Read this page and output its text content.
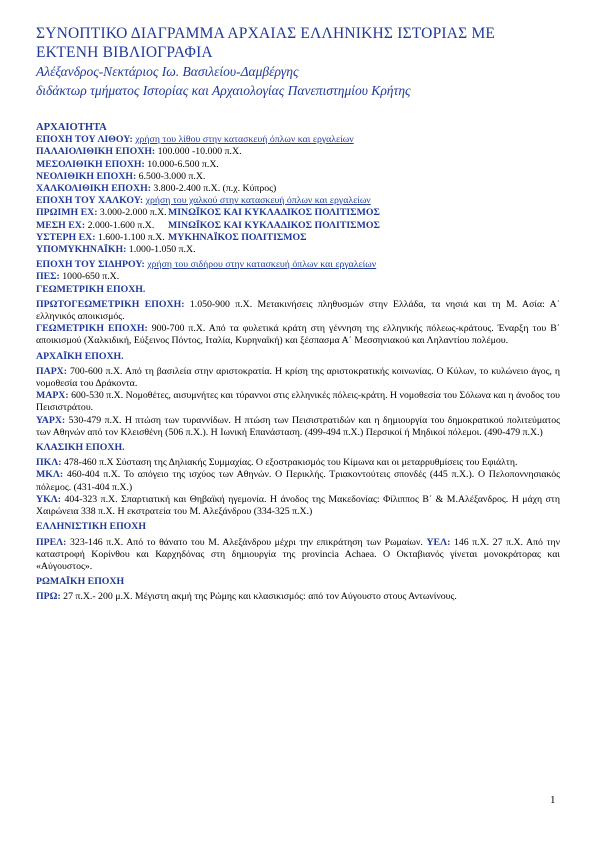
ΣΥΝΟΠΤΙΚΟ ΔΙΑΓΡΑΜΜΑ ΑΡΧΑΙΑΣ ΕΛΛΗΝΙΚΗΣ ΙΣΤΟΡΙΑΣ ΜΕ ΕΚΤΕΝΗ ΒΙΒΛΙΟΓΡΑΦΙΑ
Αλέξανδρος-Νεκτάριος Ιω. Βασιλείου-Δαμβέργης
διδάκτωρ τμήματος Ιστορίας και Αρχαιολογίας Πανεπιστημίου Κρήτης

ΑΡΧΑΙΟΤΗΤΑ

ΕΠΟΧΗ ΤΟΥ ΛΙΘΟΥ: χρήση του λίθου στην κατασκευή όπλων και εργαλείων

ΠΑΛΑΙΟΛΙΘΙΚΗ ΕΠΟΧΗ: 100.000 -10.000 π.Χ.

ΜΕΣΟΛΙΘΙΚΗ ΕΠΟΧΗ: 10.000-6.500 π.Χ.

ΝΕΟΛΙΘΙΚΗ ΕΠΟΧΗ: 6.500-3.000 π.Χ.

ΧΑΛΚΟΛΙΘΙΚΗ ΕΠΟΧΗ: 3.800-2.400 π.Χ. (π.χ. Κύπρος)

ΕΠΟΧΗ ΤΟΥ ΧΑΛΚΟΥ: χρήση του χαλκού στην κατασκευή όπλων και εργαλείων

ΠΡΩΙΜΗ ΕΧ: 3.000-2.000 π.Χ.ΜΙΝΩΪΚΟΣ ΚΑΙ ΚΥΚΛΑΔΙΚΟΣ ΠΟΛΙΤΙΣΜΟΣ

ΜΕΣΗ ΕΧ: 2.000-1.600 π.Χ. ΜΙΝΩΪΚΟΣ ΚΑΙ ΚΥΚΛΑΔΙΚΟΣ ΠΟΛΙΤΙΣΜΟΣ

ΥΣΤΕΡΗ ΕΧ: 1.600-1.100 π.Χ. ΜΥΚΗΝΑΪΚΟΣ ΠΟΛΙΤΙΣΜΟΣ

ΥΠΟΜΥΚΗΝΑΪΚΗ: 1.000-1.050 π.Χ.

ΕΠΟΧΗ ΤΟΥ ΣΙΔΗΡΟΥ: χρήση του σιδήρου στην κατασκευή όπλων και εργαλείων

ΠΕΣ: 1000-650 π.Χ.

ΓΕΩΜΕΤΡΙΚΗ ΕΠΟΧΗ.

ΠΡΩΤΟΓΕΩΜΕΤΡΙΚΗ ΕΠΟΧΗ: 1.050-900 π.Χ. Μετακινήσεις πληθυσμών στην Ελλάδα, τα νησιά και τη Μ. Ασία: Α΄ ελληνικός αποικισμός.

ΓΕΩΜΕΤΡΙΚΗ ΕΠΟΧΗ: 900-700 π.Χ. Από τα φυλετικά κράτη στη γέννηση της ελληνικής πόλεως-κράτους. Έναρξη του Β΄ αποικισμού (Χαλκιδική, Εύξεινος Πόντος, Ιταλία, Κυρηναϊκή) και ξέσπασμα Α΄ Μεσσηνιακού και Ληλαντίου πολέμου.

ΑΡΧΑΪΚΗ ΕΠΟΧΗ.

ΠΑΡΧ: 700-600 π.Χ. Από τη βασιλεία στην αριστοκρατία. Η κρίση της αριστοκρατικής κοινωνίας. Ο Κύλων, το κυλώνειο άγος, η νομοθεσία του Δράκοντα.

ΜΑΡΧ: 600-530 π.Χ. Νομοθέτες, αισυμνήτες και τύραννοι στις ελληνικές πόλεις-κράτη. Η νομοθεσία του Σόλωνα και η άνοδος του Πεισιστράτου.

ΥΑΡΧ: 530-479 π.Χ. Η πτώση των τυραννίδων. Η πτώση των Πεισιστρατιδών και η δημιουργία του δημοκρατικού πολιτεύματος των Αθηνών από τον Κλεισθένη (506 π.Χ.). Η Ιωνική Επανάσταση. (499-494 π.Χ.) Περσικοί ή Μηδικοί πόλεμοι. (490-479 π.Χ.)

ΚΛΑΣΙΚΗ ΕΠΟΧΗ.

ΠΚΛ: 478-460 π.Χ Σύσταση της Δηλιακής Συμμαχίας. Ο εξοστρακισμός του Κίμωνα και οι μεταρρυθμίσεις του Εφιάλτη.

ΜΚΛ: 460-404 π.Χ. Το απόγειο της ισχύος των Αθηνών. Ο Περικλής. Τριακοντούτεις σπονδές (445 π.Χ.). Ο Πελοποννησιακός πόλεμος. (431-404 π.Χ.)

ΥΚΛ: 404-323 π.Χ. Σπαρτιατική και Θηβαϊκή ηγεμονία. Η άνοδος της Μακεδονίας: Φίλιππος Β΄ & Μ.Αλέξανδρος. Η μάχη στη Χαιρώνεια 338 π.Χ. Η εκστρατεία του Μ. Αλεξάνδρου (334-325 π.Χ.)

ΕΛΛΗΝΙΣΤΙΚΗ ΕΠΟΧΗ

ΠΡΕΛ: 323-146 π.Χ. Από το θάνατο του Μ. Αλεξάνδρου μέχρι την επικράτηση των Ρωμαίων. ΥΕΛ: 146 π.Χ. 27 π.Χ. Από την καταστροφή Κορίνθου και Καρχηδόνας στη δημιουργία της provincia Achaea. Ο Οκταβιανός γίνεται μονοκράτορας και «Αύγουστος».

ΡΩΜΑΪΚΗ ΕΠΟΧΗ

ΠΡΩ: 27 π.Χ.- 200 μ.Χ. Μέγιστη ακμή της Ρώμης και κλασικισμός: από τον Αύγουστο στους Αντωνίνους.

1
